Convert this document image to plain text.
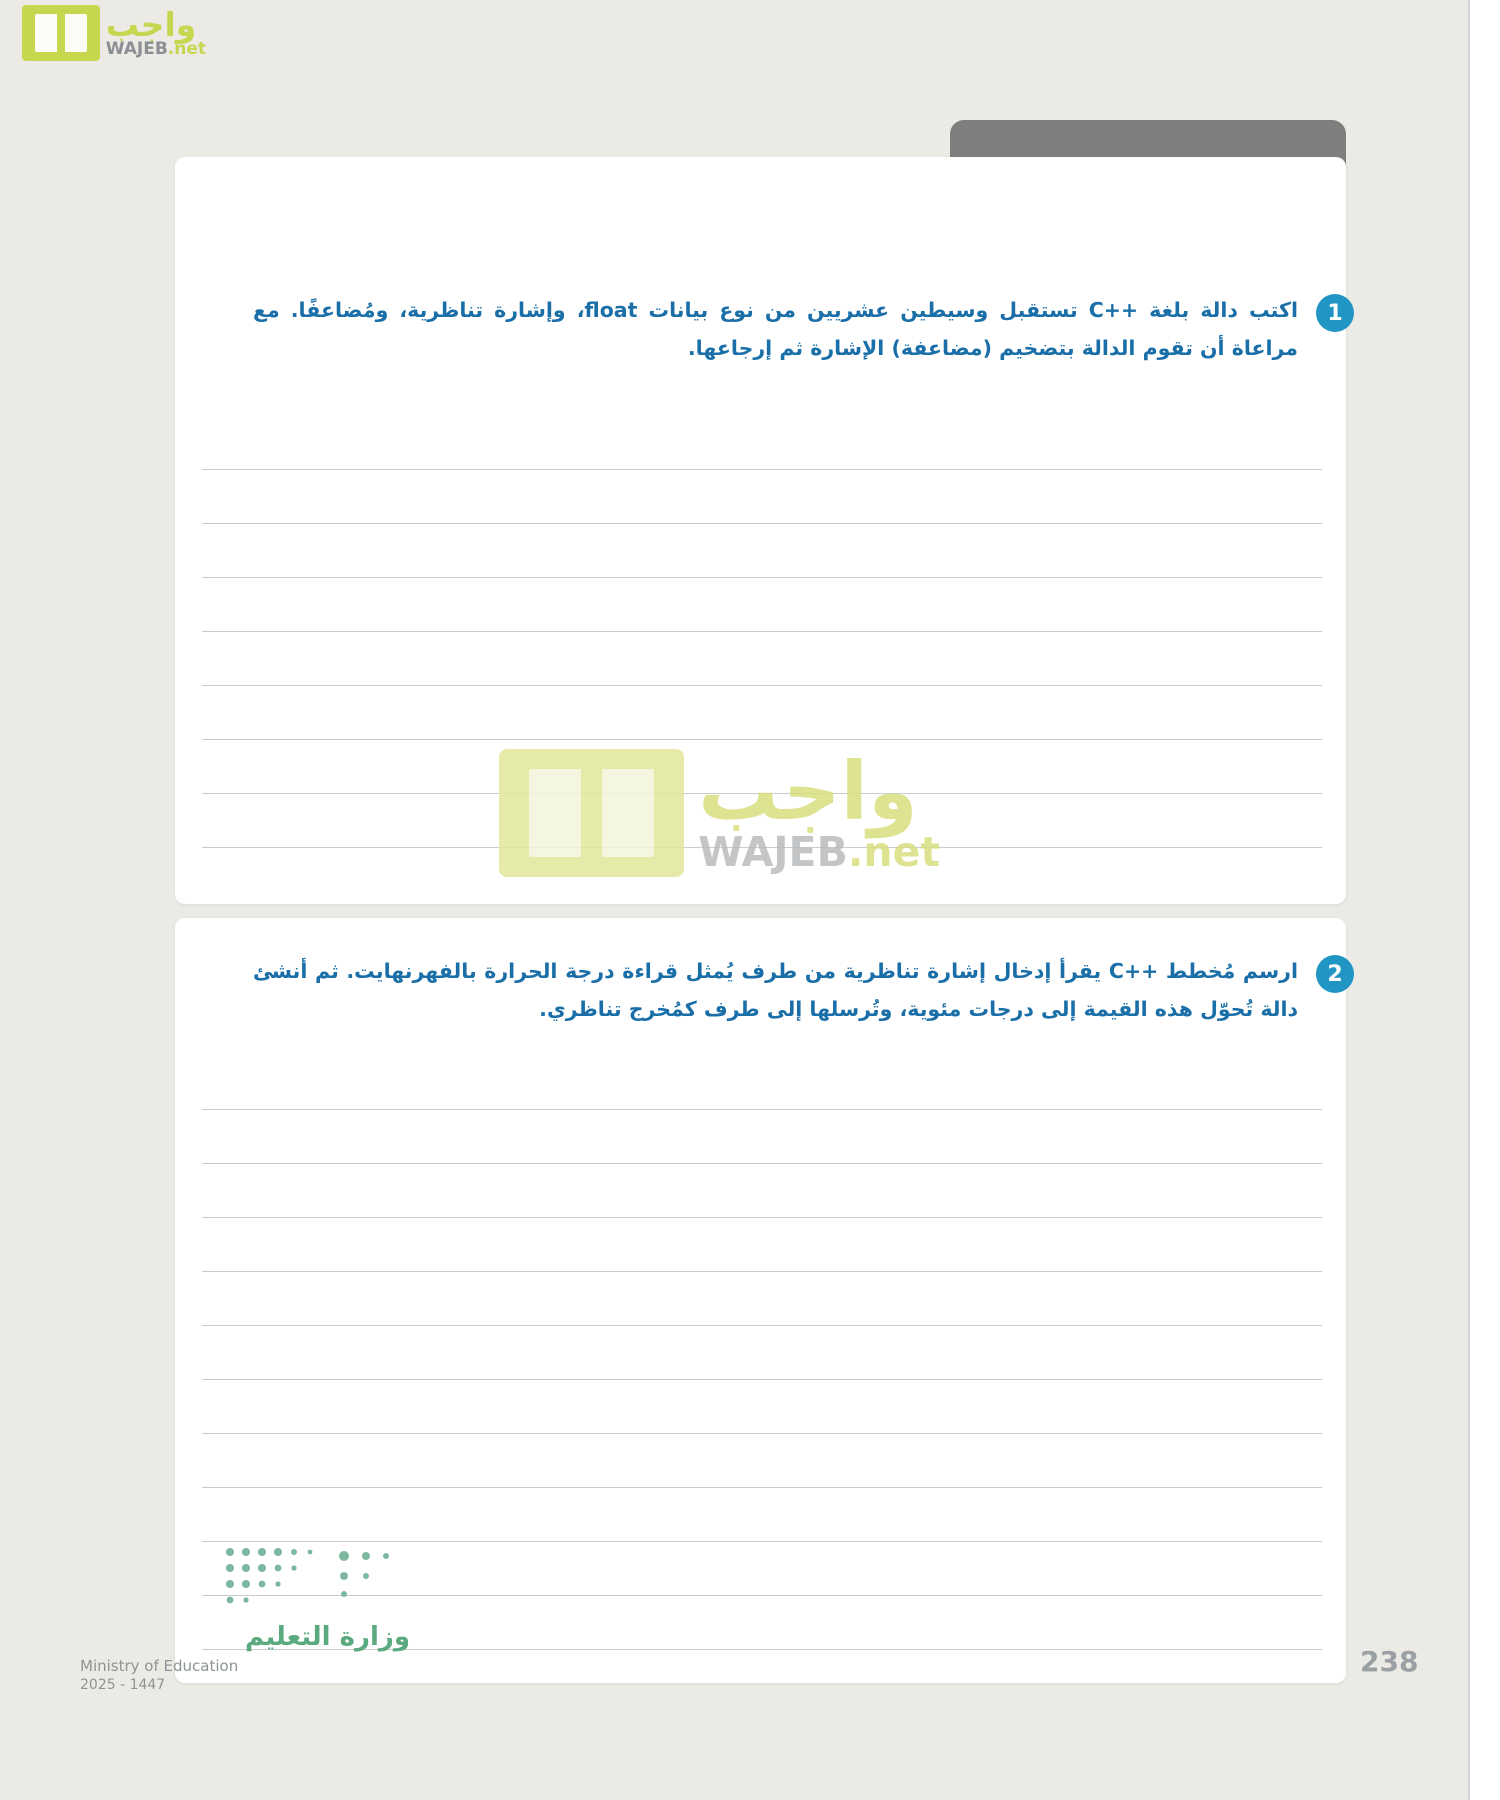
واجب
WAJEB.net
1
اكتب دالة بلغة ++C تستقبل وسيطين عشريين من نوع بيانات float، وإشارة تناظرية، ومُضاعفًا. مع مراعاة أن تقوم الدالة بتضخيم (مضاعفة) الإشارة ثم إرجاعها.
واجب
WAJEB.net
2
ارسم مُخطط ++C يقرأ إدخال إشارة تناظرية من طرف يُمثل قراءة درجة الحرارة بالفهرنهايت. ثم أنشئ دالة تُحوّل هذه القيمة إلى درجات مئوية، وتُرسلها إلى طرف كمُخرج تناظري.
وزارة التعليم
Ministry of Education
2025 - 1447
238
